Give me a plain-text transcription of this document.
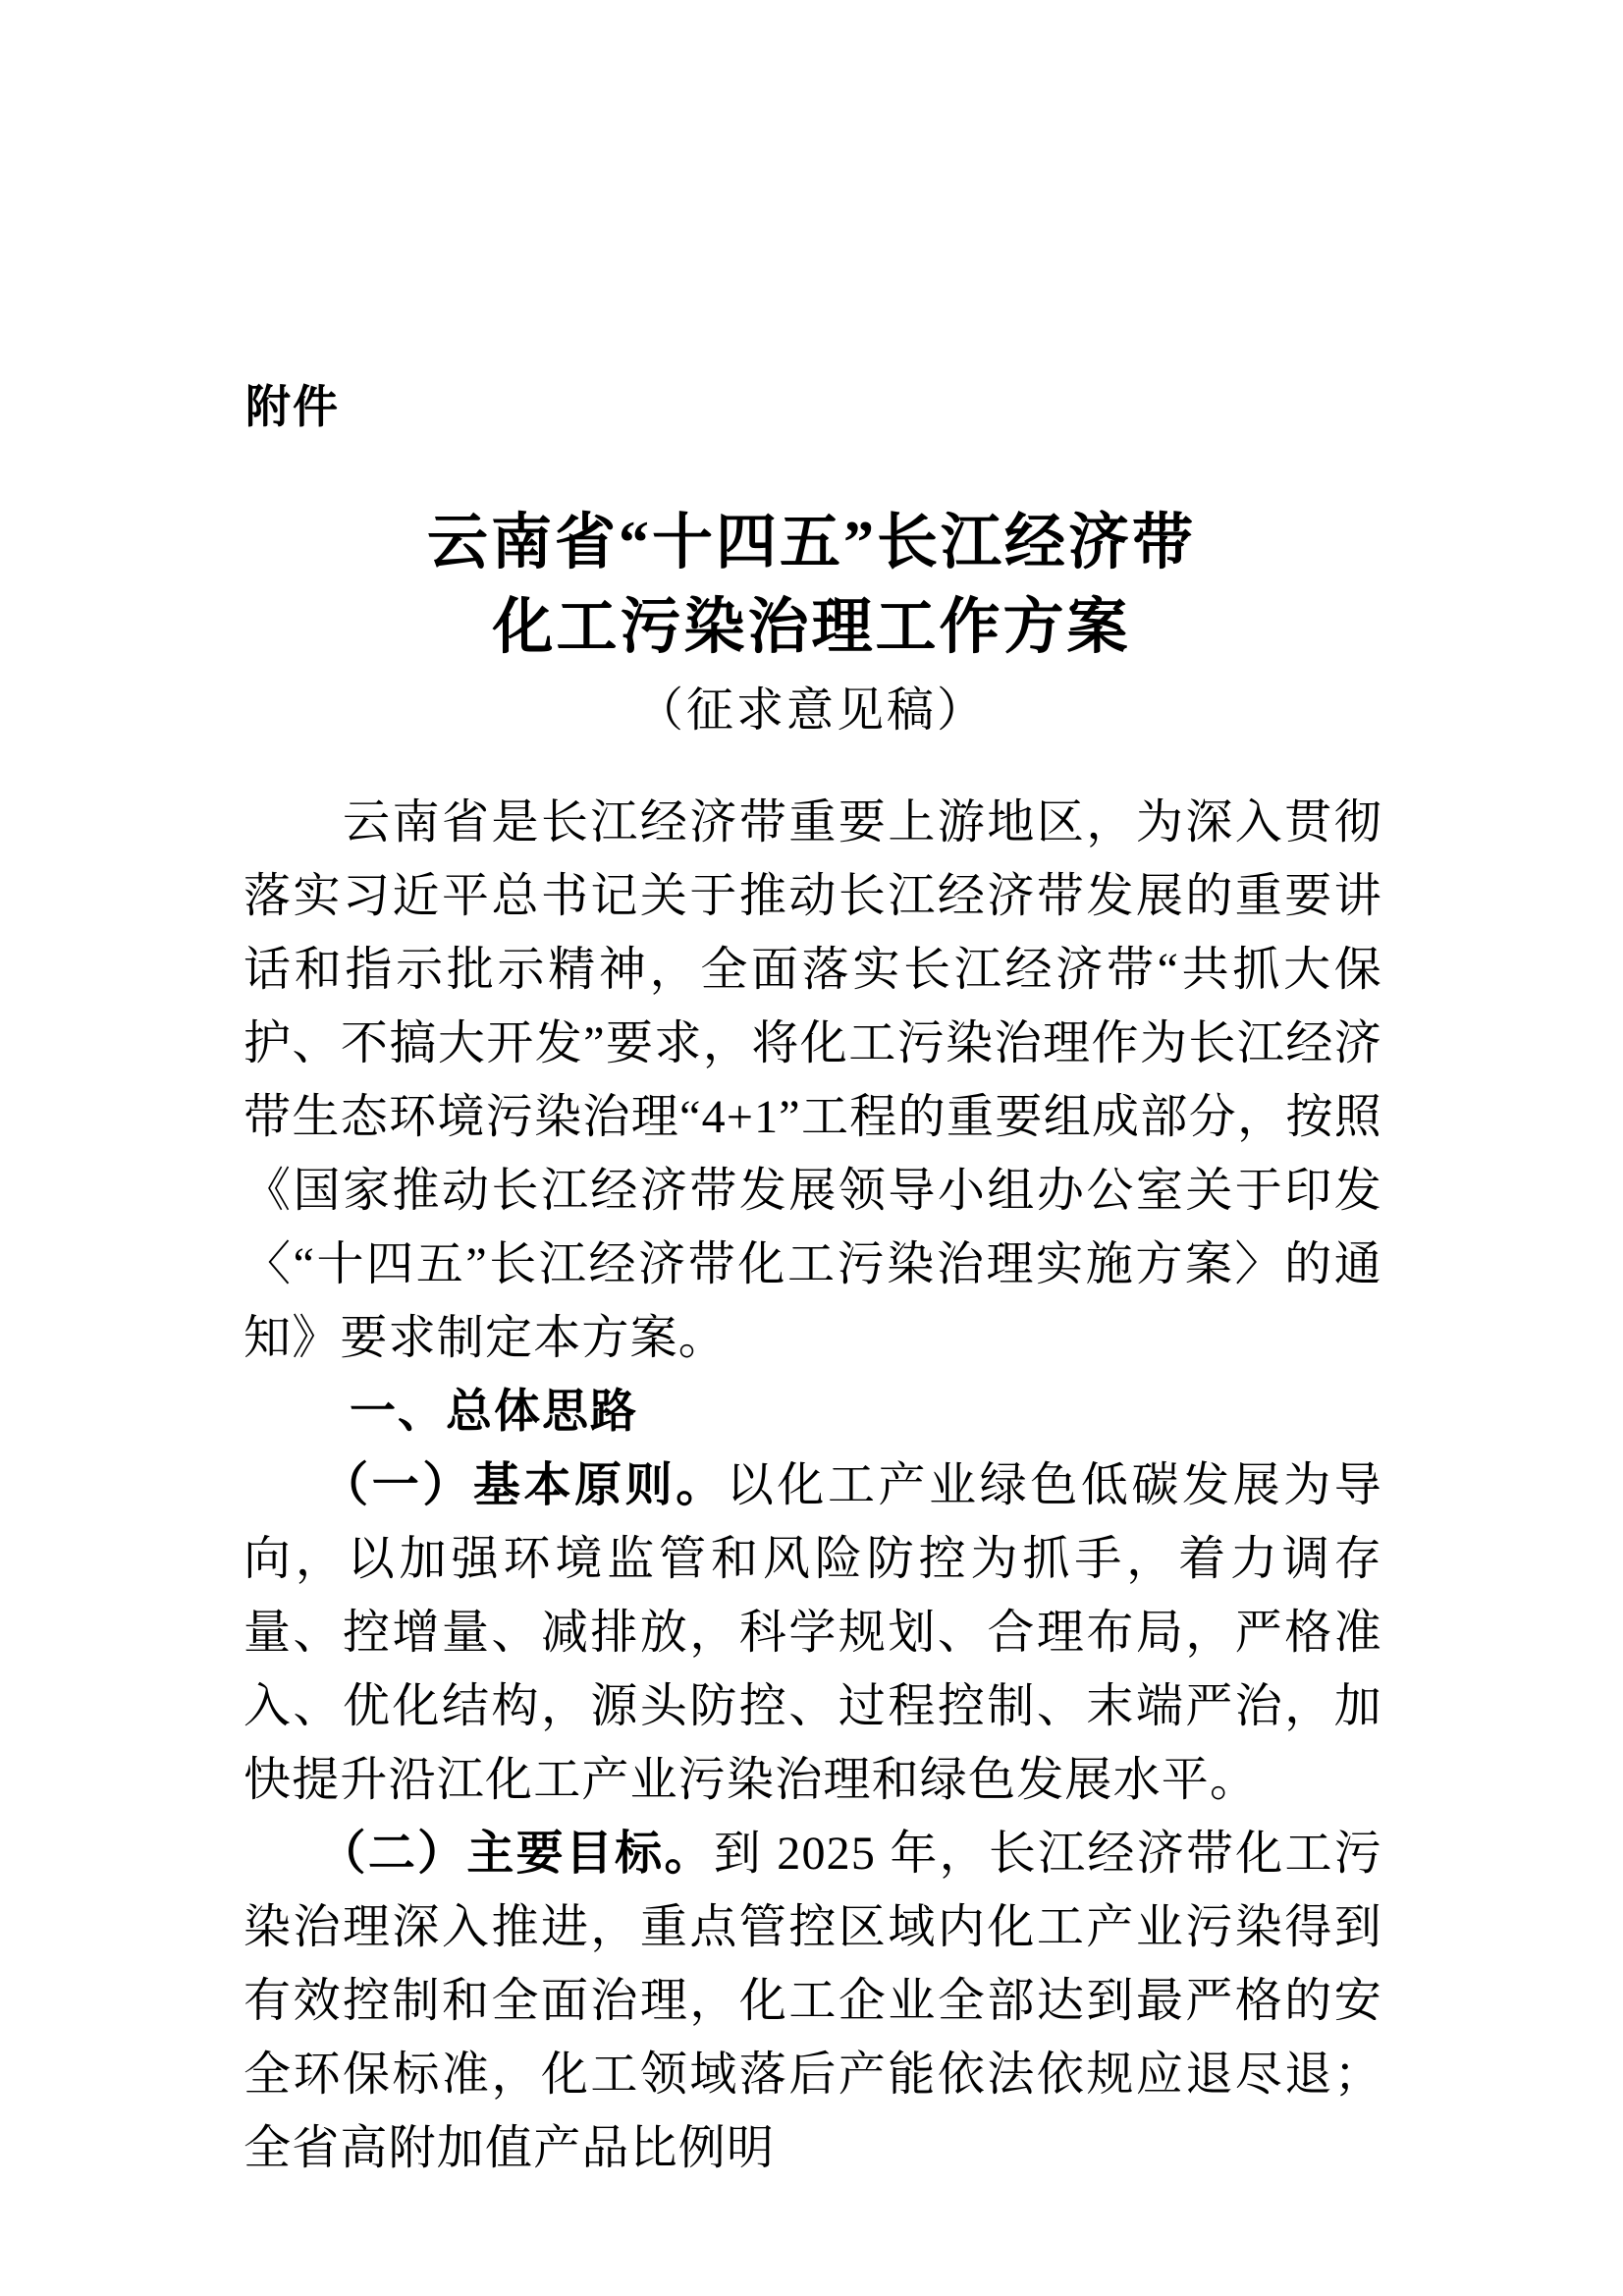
附件
云南省“十四五”长江经济带
化工污染治理工作方案
（征求意见稿）

　　云南省是长江经济带重要上游地区，为深入贯彻落实习近平总书记关于推动长江经济带发展的重要讲话和指示批示精神，全面落实长江经济带“共抓大保护、不搞大开发”要求，将化工污染治理作为长江经济带生态环境污染治理“4+1”工程的重要组成部分，按照《国家推动长江经济带发展领导小组办公室关于印发〈“十四五”长江经济带化工污染治理实施方案〉的通知》要求制定本方案。

一、总体思路

　　（一）基本原则。以化工产业绿色低碳发展为导向，以加强环境监管和风险防控为抓手，着力调存量、控增量、减排放，科学规划、合理布局，严格准入、优化结构，源头防控、过程控制、末端严治，加快提升沿江化工产业污染治理和绿色发展水平。

　　（二）主要目标。到 2025 年，长江经济带化工污染治理深入推进，重点管控区域内化工产业污染得到有效控制和全面治理，化工企业全部达到最严格的安全环保标准，化工领域落后产能依法依规应退尽退；全省高附加值产品比例明
